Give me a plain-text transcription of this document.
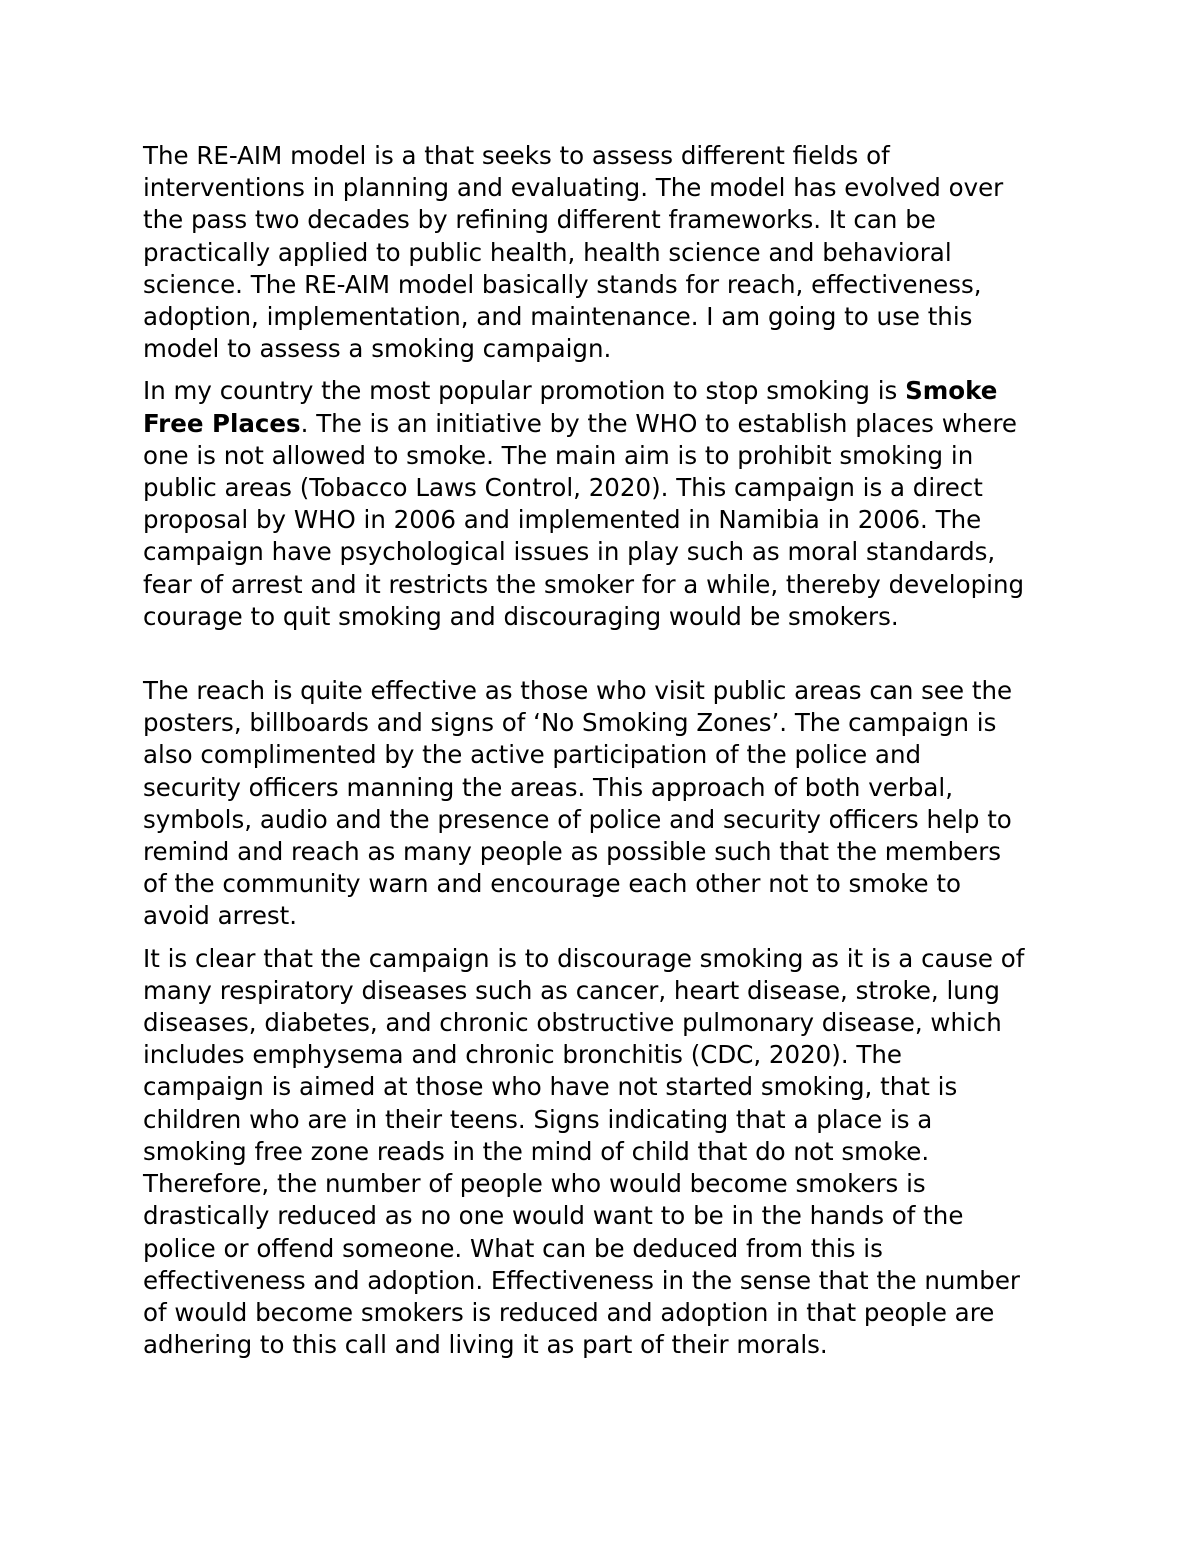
The RE-AIM model is a that seeks to assess different fields of
interventions in planning and evaluating. The model has evolved over
the pass two decades by refining different frameworks. It can be
practically applied to public health, health science and behavioral
science. The RE-AIM model basically stands for reach, effectiveness,
adoption, implementation, and maintenance. I am going to use this
model to assess a smoking campaign.

In my country the most popular promotion to stop smoking is Smoke
Free Places. The is an initiative by the WHO to establish places where
one is not allowed to smoke. The main aim is to prohibit smoking in
public areas (Tobacco Laws Control, 2020). This campaign is a direct
proposal by WHO in 2006 and implemented in Namibia in 2006. The
campaign have psychological issues in play such as moral standards,
fear of arrest and it restricts the smoker for a while, thereby developing
courage to quit smoking and discouraging would be smokers.

The reach is quite effective as those who visit public areas can see the
posters, billboards and signs of ‘No Smoking Zones’. The campaign is
also complimented by the active participation of the police and
security officers manning the areas. This approach of both verbal,
symbols, audio and the presence of police and security officers help to
remind and reach as many people as possible such that the members
of the community warn and encourage each other not to smoke to
avoid arrest.

It is clear that the campaign is to discourage smoking as it is a cause of
many respiratory diseases such as cancer, heart disease, stroke, lung
diseases, diabetes, and chronic obstructive pulmonary disease, which
includes emphysema and chronic bronchitis (CDC, 2020). The
campaign is aimed at those who have not started smoking, that is
children who are in their teens. Signs indicating that a place is a
smoking free zone reads in the mind of child that do not smoke.
Therefore, the number of people who would become smokers is
drastically reduced as no one would want to be in the hands of the
police or offend someone. What can be deduced from this is
effectiveness and adoption. Effectiveness in the sense that the number
of would become smokers is reduced and adoption in that people are
adhering to this call and living it as part of their morals.
